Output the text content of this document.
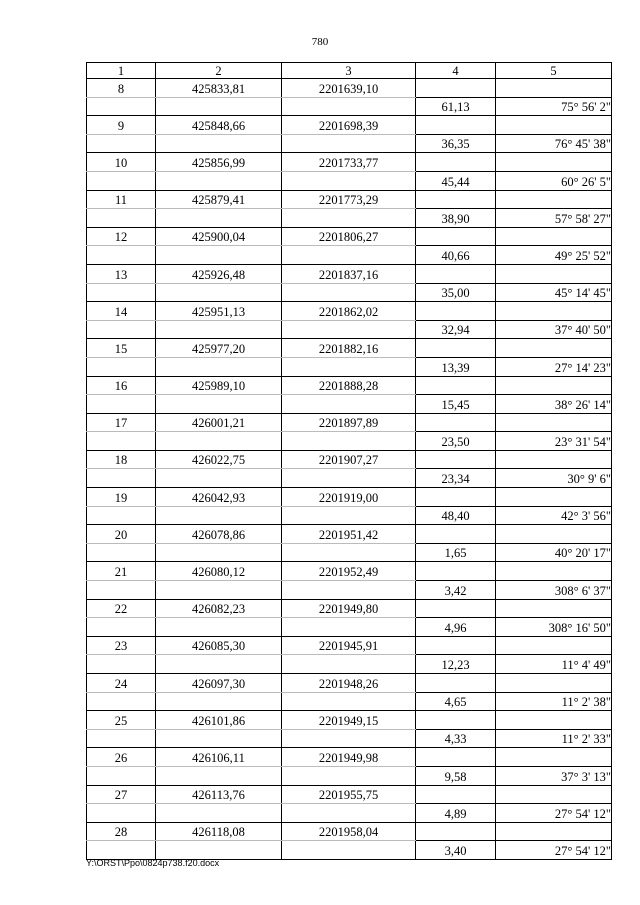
780
1	2	3	4	5
8	425833,81	2201639,10		
			61,13	75° 56' 2"
9	425848,66	2201698,39		
			36,35	76° 45' 38"
10	425856,99	2201733,77		
			45,44	60° 26' 5"
11	425879,41	2201773,29		
			38,90	57° 58' 27"
12	425900,04	2201806,27		
			40,66	49° 25' 52"
13	425926,48	2201837,16		
			35,00	45° 14' 45"
14	425951,13	2201862,02		
			32,94	37° 40' 50"
15	425977,20	2201882,16		
			13,39	27° 14' 23"
16	425989,10	2201888,28		
			15,45	38° 26' 14"
17	426001,21	2201897,89		
			23,50	23° 31' 54"
18	426022,75	2201907,27		
			23,34	30° 9' 6"
19	426042,93	2201919,00		
			48,40	42° 3' 56"
20	426078,86	2201951,42		
			1,65	40° 20' 17"
21	426080,12	2201952,49		
			3,42	308° 6' 37"
22	426082,23	2201949,80		
			4,96	308° 16' 50"
23	426085,30	2201945,91		
			12,23	11° 4' 49"
24	426097,30	2201948,26		
			4,65	11° 2' 38"
25	426101,86	2201949,15		
			4,33	11° 2' 33"
26	426106,11	2201949,98		
			9,58	37° 3' 13"
27	426113,76	2201955,75		
			4,89	27° 54' 12"
28	426118,08	2201958,04		
			3,40	27° 54' 12"
Y:\ORST\Ppo\0824p738.f20.docx
